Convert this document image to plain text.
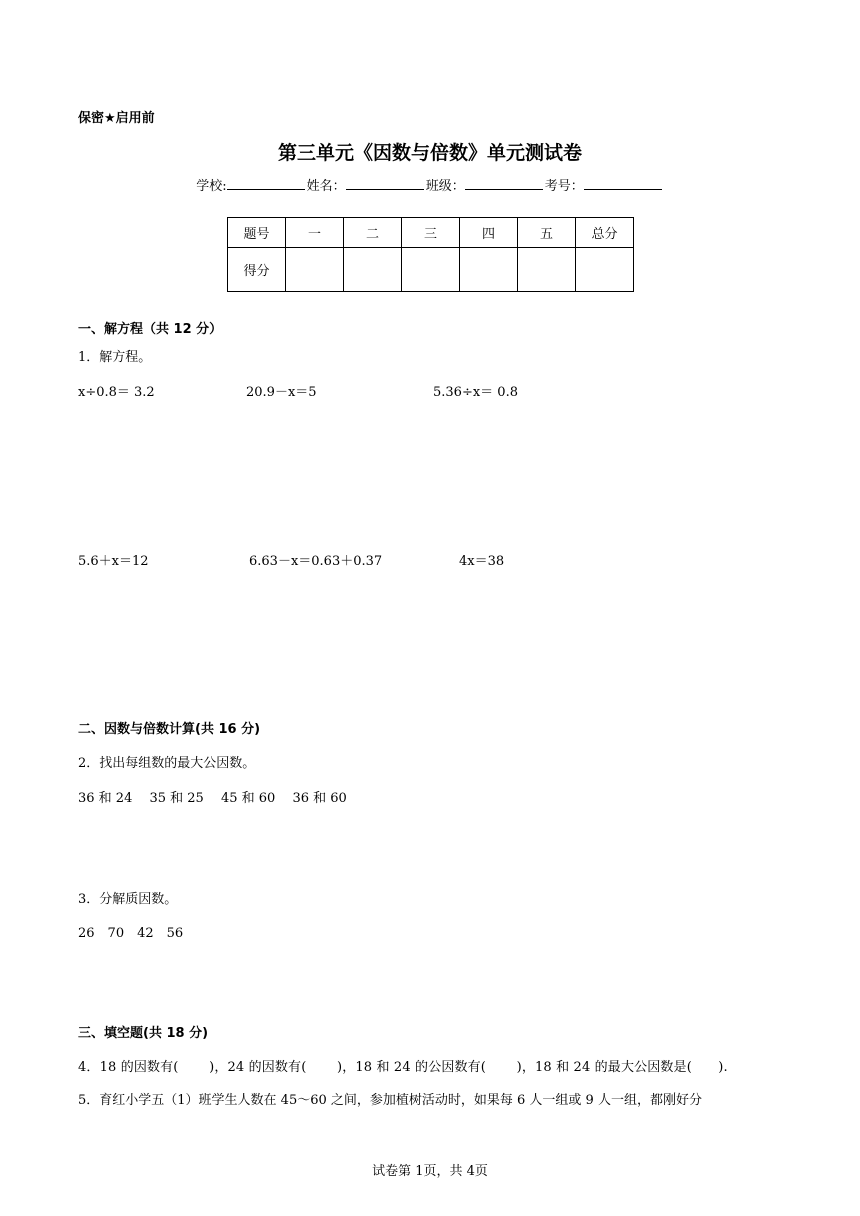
保密★启用前
第三单元《因数与倍数》单元测试卷
学校:	姓名：	班级：	考号：
题号	一	二	三	四	五	总分
得分						
一、解方程（共 12 分）
1．解方程。
x÷0.8＝ 3.2	20.9－x＝5	5.36÷x＝ 0.8
5.6＋x＝12	6.63－x＝0.63＋0.37	4x＝38
二、因数与倍数计算(共 16 分)
2．找出每组数的最大公因数。
36 和 24　 35 和 25　 45 和 60　 36 和 60
3．分解质因数。
26　70　42　56
三、填空题(共 18 分)
4．18 的因数有(　　 )，24 的因数有(　　 )，18 和 24 的公因数有(　　 )，18 和 24 的最大公因数是(　　).
5．育红小学五（1）班学生人数在 45～60 之间，参加植树活动时，如果每 6 人一组或 9 人一组，都刚好分
试卷第 1页，共 4页
